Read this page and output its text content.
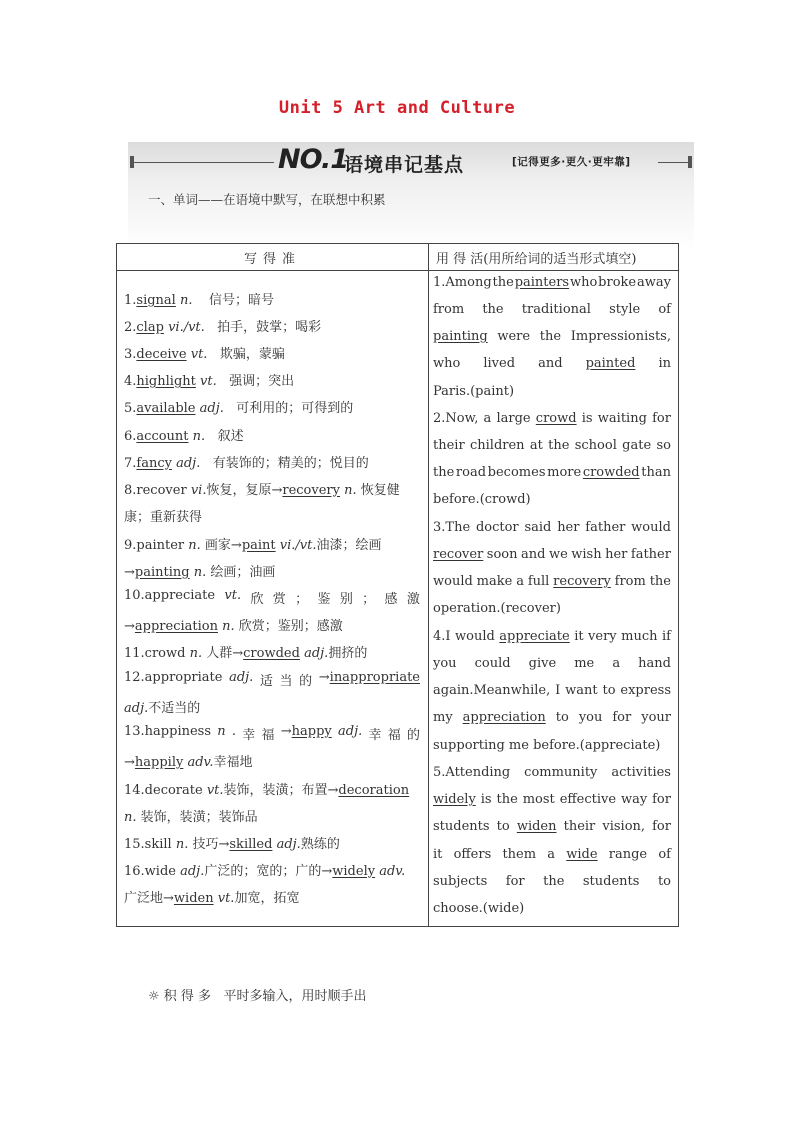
Unit 5 Art and Culture
NO.1
语境串记基点	[记得更多·更久·更牢靠]
一、单词——在语境中默写，在联想中积累
写得准	用 得 活(用所给词的适当形式填空)
1.signal n.    信号；暗号
2.clap vi./vt.   拍手，鼓掌；喝彩
3.deceive vt.   欺骗，蒙骗
4.highlight vt.   强调；突出
5.available adj.   可利用的；可得到的
6.account n.   叙述
7.fancy adj.   有装饰的；精美的；悦目的
8.recover vi.恢复，复原→recovery n. 恢复健
康；重新获得
9.painter n. 画家→paint vi./vt.油漆；绘画
→painting n. 绘画；油画
10.appreciate vt. 欣 赏 ； 鉴 别 ； 感 激
→appreciation n. 欣赏；鉴别；感激
11.crowd n. 人群→crowded adj.拥挤的
12.appropriate adj. 适 当 的 →inappropriate
adj.不适当的
13.happiness n . 幸 福 →happy adj. 幸 福 的
→happily adv.幸福地
14.decorate vt.装饰，装潢；布置→decoration
n. 装饰，装潢；装饰品
15.skill n. 技巧→skilled adj.熟练的
16.wide adj.广泛的；宽的；广的→widely adv.
广泛地→widen vt.加宽，拓宽
1.Among the painters who broke away
from the traditional style of
painting were the Impressionists,
who lived and painted in
Paris.(paint)
2.Now, a large crowd is waiting for
their children at the school gate so
the road becomes more crowded than
before.(crowd)
3.The doctor said her father would
recover soon and we wish her father
would make a full recovery from the
operation.(recover)
4.I would appreciate it very much if
you could give me a hand
again.Meanwhile, I want to express
my appreciation to you for your
supporting me before.(appreciate)
5.Attending community activities
widely is the most effective way for
students to widen their vision, for
it offers them a wide range of
subjects for the students to
choose.(wide)
☼ 积 得 多 平时多输入，用时顺手出
